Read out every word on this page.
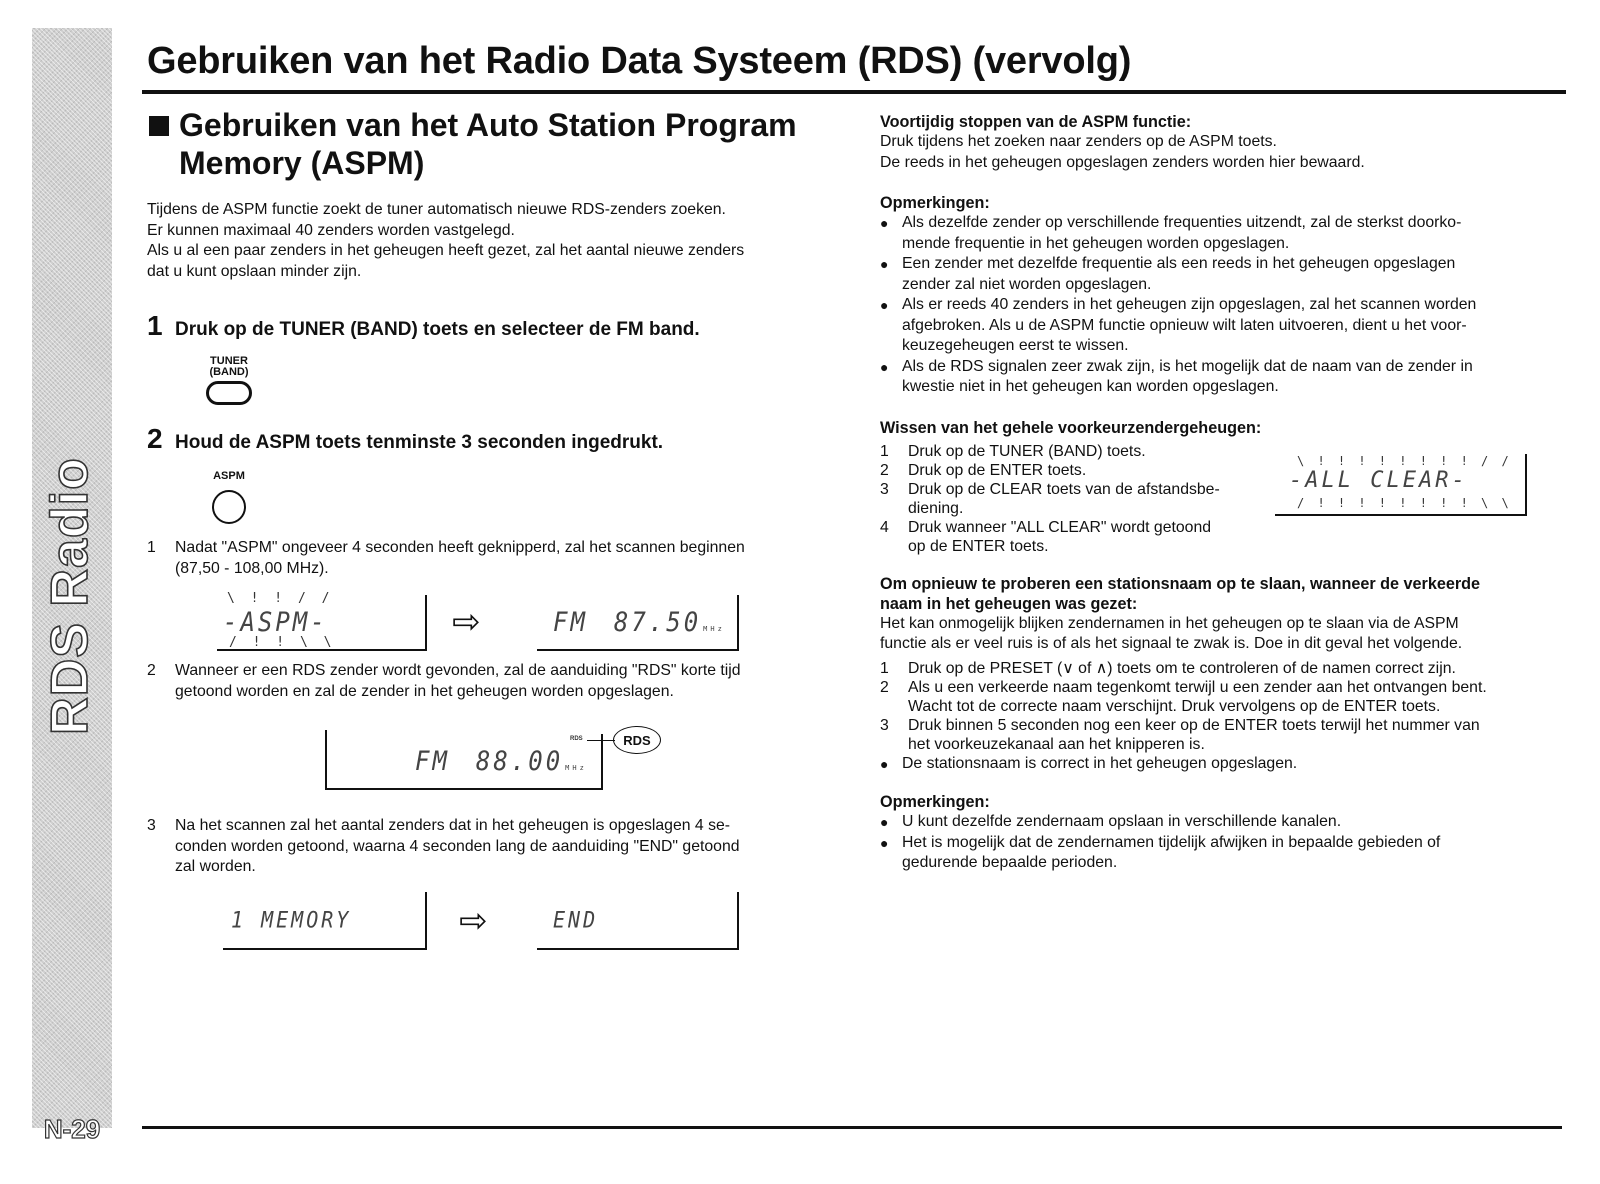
RDS Radio
N-29
Gebruiken van het Radio Data Systeem (RDS) (vervolg)
Gebruiken van het Auto Station Program
Memory (ASPM)

Tijdens de ASPM functie zoekt de tuner automatisch nieuwe RDS-zenders zoeken.

Er kunnen maximaal 40 zenders worden vastgelegd.

Als u al een paar zenders in het geheugen heeft gezet, zal het aantal nieuwe zenders

dat u kunt opslaan minder zijn.

1 Druk op de TUNER (BAND) toets en selecteer de FM band.
TUNER
(BAND)
2 Houd de ASPM toets tenminste 3 seconden ingedrukt.
ASPM
1	Nadat "ASPM" ongeveer 4 seconden heeft geknipperd, zal het scannen beginnen
(87,50 - 108,00 MHz).
\ ! ! / /
- ASPM -
/ ! ! \ \
⇨	FM 87.50 MHz
2	Wanneer er een RDS zender wordt gevonden, zal de aanduiding "RDS" korte tijd
getoond worden en zal de zender in het geheugen worden opgeslagen.
FM 88.00 MHz
RDS	RDS
3	Na het scannen zal het aantal zenders dat in het geheugen is opgeslagen 4 se-
conden worden getoond, waarna 4 seconden lang de aanduiding "END" getoond
zal worden.
1 MEMORY	⇨	END
Voortijdig stoppen van de ASPM functie:

Druk tijdens het zoeken naar zenders op de ASPM toets.

De reeds in het geheugen opgeslagen zenders worden hier bewaard.

Opmerkingen:
● Als dezelfde zender op verschillende frequenties uitzendt, zal de sterkst doorko-
mende frequentie in het geheugen worden opgeslagen.
● Een zender met dezelfde frequentie als een reeds in het geheugen opgeslagen
zender zal niet worden opgeslagen.
● Als er reeds 40 zenders in het geheugen zijn opgeslagen, zal het scannen worden
afgebroken. Als u de ASPM functie opnieuw wilt laten uitvoeren, dient u het voor-
keuzegeheugen eerst te wissen.
● Als de RDS signalen zeer zwak zijn, is het mogelijk dat de naam van de zender in
kwestie niet in het geheugen kan worden opgeslagen.
Wissen van het gehele voorkeurzendergeheugen:
1	Druk op de TUNER (BAND) toets.
2	Druk op de ENTER toets.
3	Druk op de CLEAR toets van de afstandsbe-
diening.
4	Druk wanneer "ALL CLEAR" wordt getoond
op de ENTER toets.
\ ! ! ! ! ! ! ! ! / /
-ALL CLEAR-
/ ! ! ! ! ! ! ! ! \ \
Om opnieuw te proberen een stationsnaam op te slaan, wanneer de verkeerde
naam in het geheugen was gezet:

Het kan onmogelijk blijken zendernamen in het geheugen op te slaan via de ASPM

functie als er veel ruis is of als het signaal te zwak is. Doe in dit geval het volgende.

1	Druk op de PRESET (∨ of ∧) toets om te controleren of de namen correct zijn.
2	Als u een verkeerde naam tegenkomt terwijl u een zender aan het ontvangen bent.
Wacht tot de correcte naam verschijnt. Druk vervolgens op de ENTER toets.
3	Druk binnen 5 seconden nog een keer op de ENTER toets terwijl het nummer van
het voorkeuzekanaal aan het knipperen is.
● De stationsnaam is correct in het geheugen opgeslagen.
Opmerkingen:
● U kunt dezelfde zendernaam opslaan in verschillende kanalen.
● Het is mogelijk dat de zendernamen tijdelijk afwijken in bepaalde gebieden of
gedurende bepaalde perioden.
